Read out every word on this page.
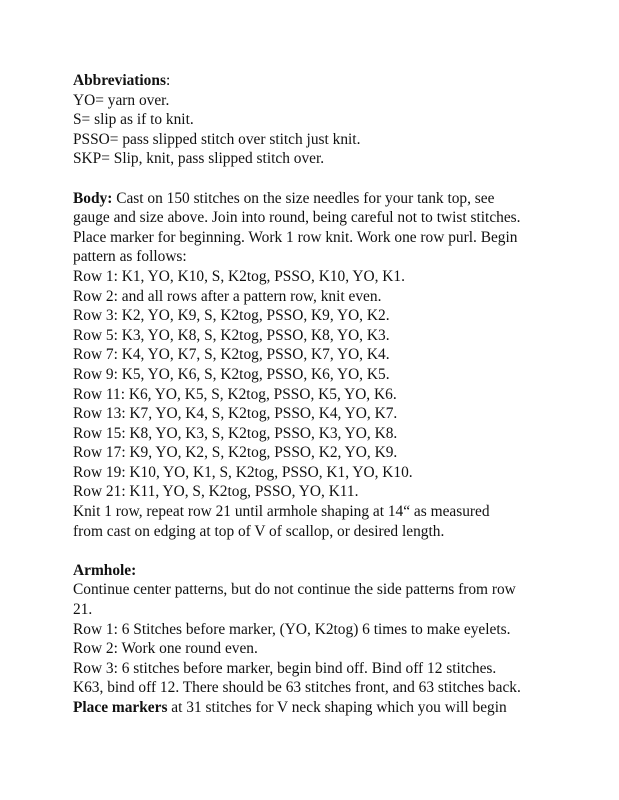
Abbreviations:
YO= yarn over.
S= slip as if to knit.
PSSO= pass slipped stitch over stitch just knit.
SKP= Slip, knit, pass slipped stitch over.
Body: Cast on 150 stitches on the size needles for your tank top, see
gauge and size above. Join into round, being careful not to twist stitches.
Place marker for beginning. Work 1 row knit. Work one row purl. Begin
pattern as follows:
Row 1: K1, YO, K10, S, K2tog, PSSO, K10, YO, K1.
Row 2: and all rows after a pattern row, knit even.
Row 3: K2, YO, K9, S, K2tog, PSSO, K9, YO, K2.
Row 5: K3, YO, K8, S, K2tog, PSSO, K8, YO, K3.
Row 7: K4, YO, K7, S, K2tog, PSSO, K7, YO, K4.
Row 9: K5, YO, K6, S, K2tog, PSSO, K6, YO, K5.
Row 11: K6, YO, K5, S, K2tog, PSSO, K5, YO, K6.
Row 13: K7, YO, K4, S, K2tog, PSSO, K4, YO, K7.
Row 15: K8, YO, K3, S, K2tog, PSSO, K3, YO, K8.
Row 17: K9, YO, K2, S, K2tog, PSSO, K2, YO, K9.
Row 19: K10, YO, K1, S, K2tog, PSSO, K1, YO, K10.
Row 21: K11, YO, S, K2tog, PSSO, YO, K11.
Knit 1 row, repeat row 21 until armhole shaping at 14“ as measured
from cast on edging at top of V of scallop, or desired length.
Armhole:
Continue center patterns, but do not continue the side patterns from row
21.
Row 1: 6 Stitches before marker, (YO, K2tog) 6 times to make eyelets.
Row 2: Work one round even.
Row 3: 6 stitches before marker, begin bind off. Bind off 12 stitches.
K63, bind off 12. There should be 63 stitches front, and 63 stitches back.
Place markers at 31 stitches for V neck shaping which you will begin
